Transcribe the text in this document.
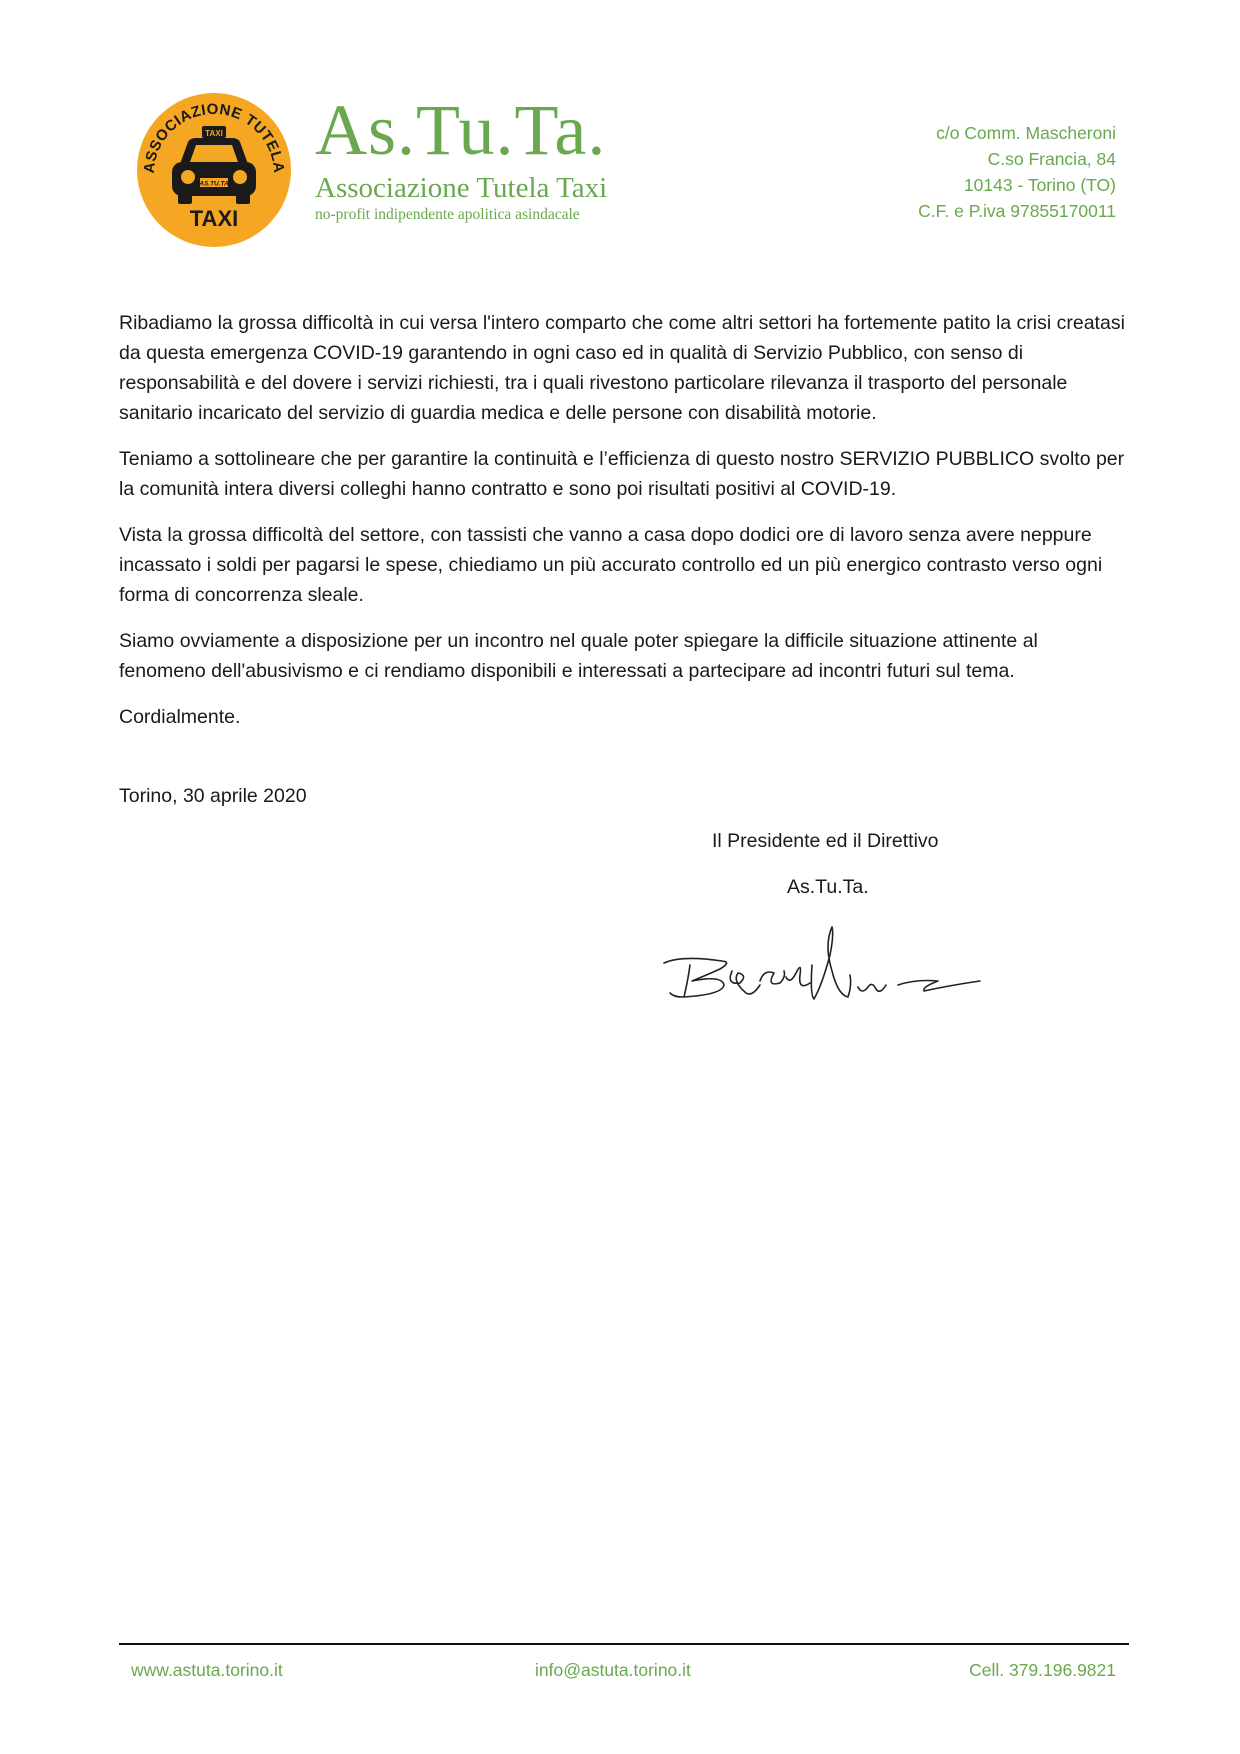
ASSOCIAZIONE TUTELA
TAXI
AS.TU.TA
TAXI
As.Tu.Ta.
Associazione Tutela Taxi
no-profit indipendente apolitica asindacale
c/o Comm. Mascheroni
C.so Francia, 84
10143 - Torino (TO)
C.F. e P.iva 97855170011

Ribadiamo la grossa difficoltà in cui versa l'intero comparto che come altri settori ha fortemente patito la crisi creatasi da questa emergenza COVID-19 garantendo in ogni caso ed in qualità di Servizio Pubblico, con senso di responsabilità e del dovere i servizi richiesti, tra i quali rivestono particolare rilevanza il trasporto del personale sanitario incaricato del servizio di guardia medica e delle persone con disabilità motorie.

Teniamo a sottolineare che per garantire la continuità e l’efficienza di questo nostro SERVIZIO PUBBLICO svolto per la comunità intera diversi colleghi hanno contratto e sono poi risultati positivi al COVID-19.

Vista la grossa difficoltà del settore, con tassisti che vanno a casa dopo dodici ore di lavoro senza avere neppure incassato i soldi per pagarsi le spese, chiediamo un più accurato controllo ed un più energico contrasto verso ogni forma di concorrenza sleale.

Siamo ovviamente a disposizione per un incontro nel quale poter spiegare la difficile situazione attinente al fenomeno dell'abusivismo e ci rendiamo disponibili e interessati a partecipare ad incontri futuri sul tema.

Cordialmente.

Torino, 30 aprile 2020
Il Presidente ed il Direttivo
As.Tu.Ta.
www.astuta.torino.it	info@astuta.torino.it	Cell. 379.196.9821
